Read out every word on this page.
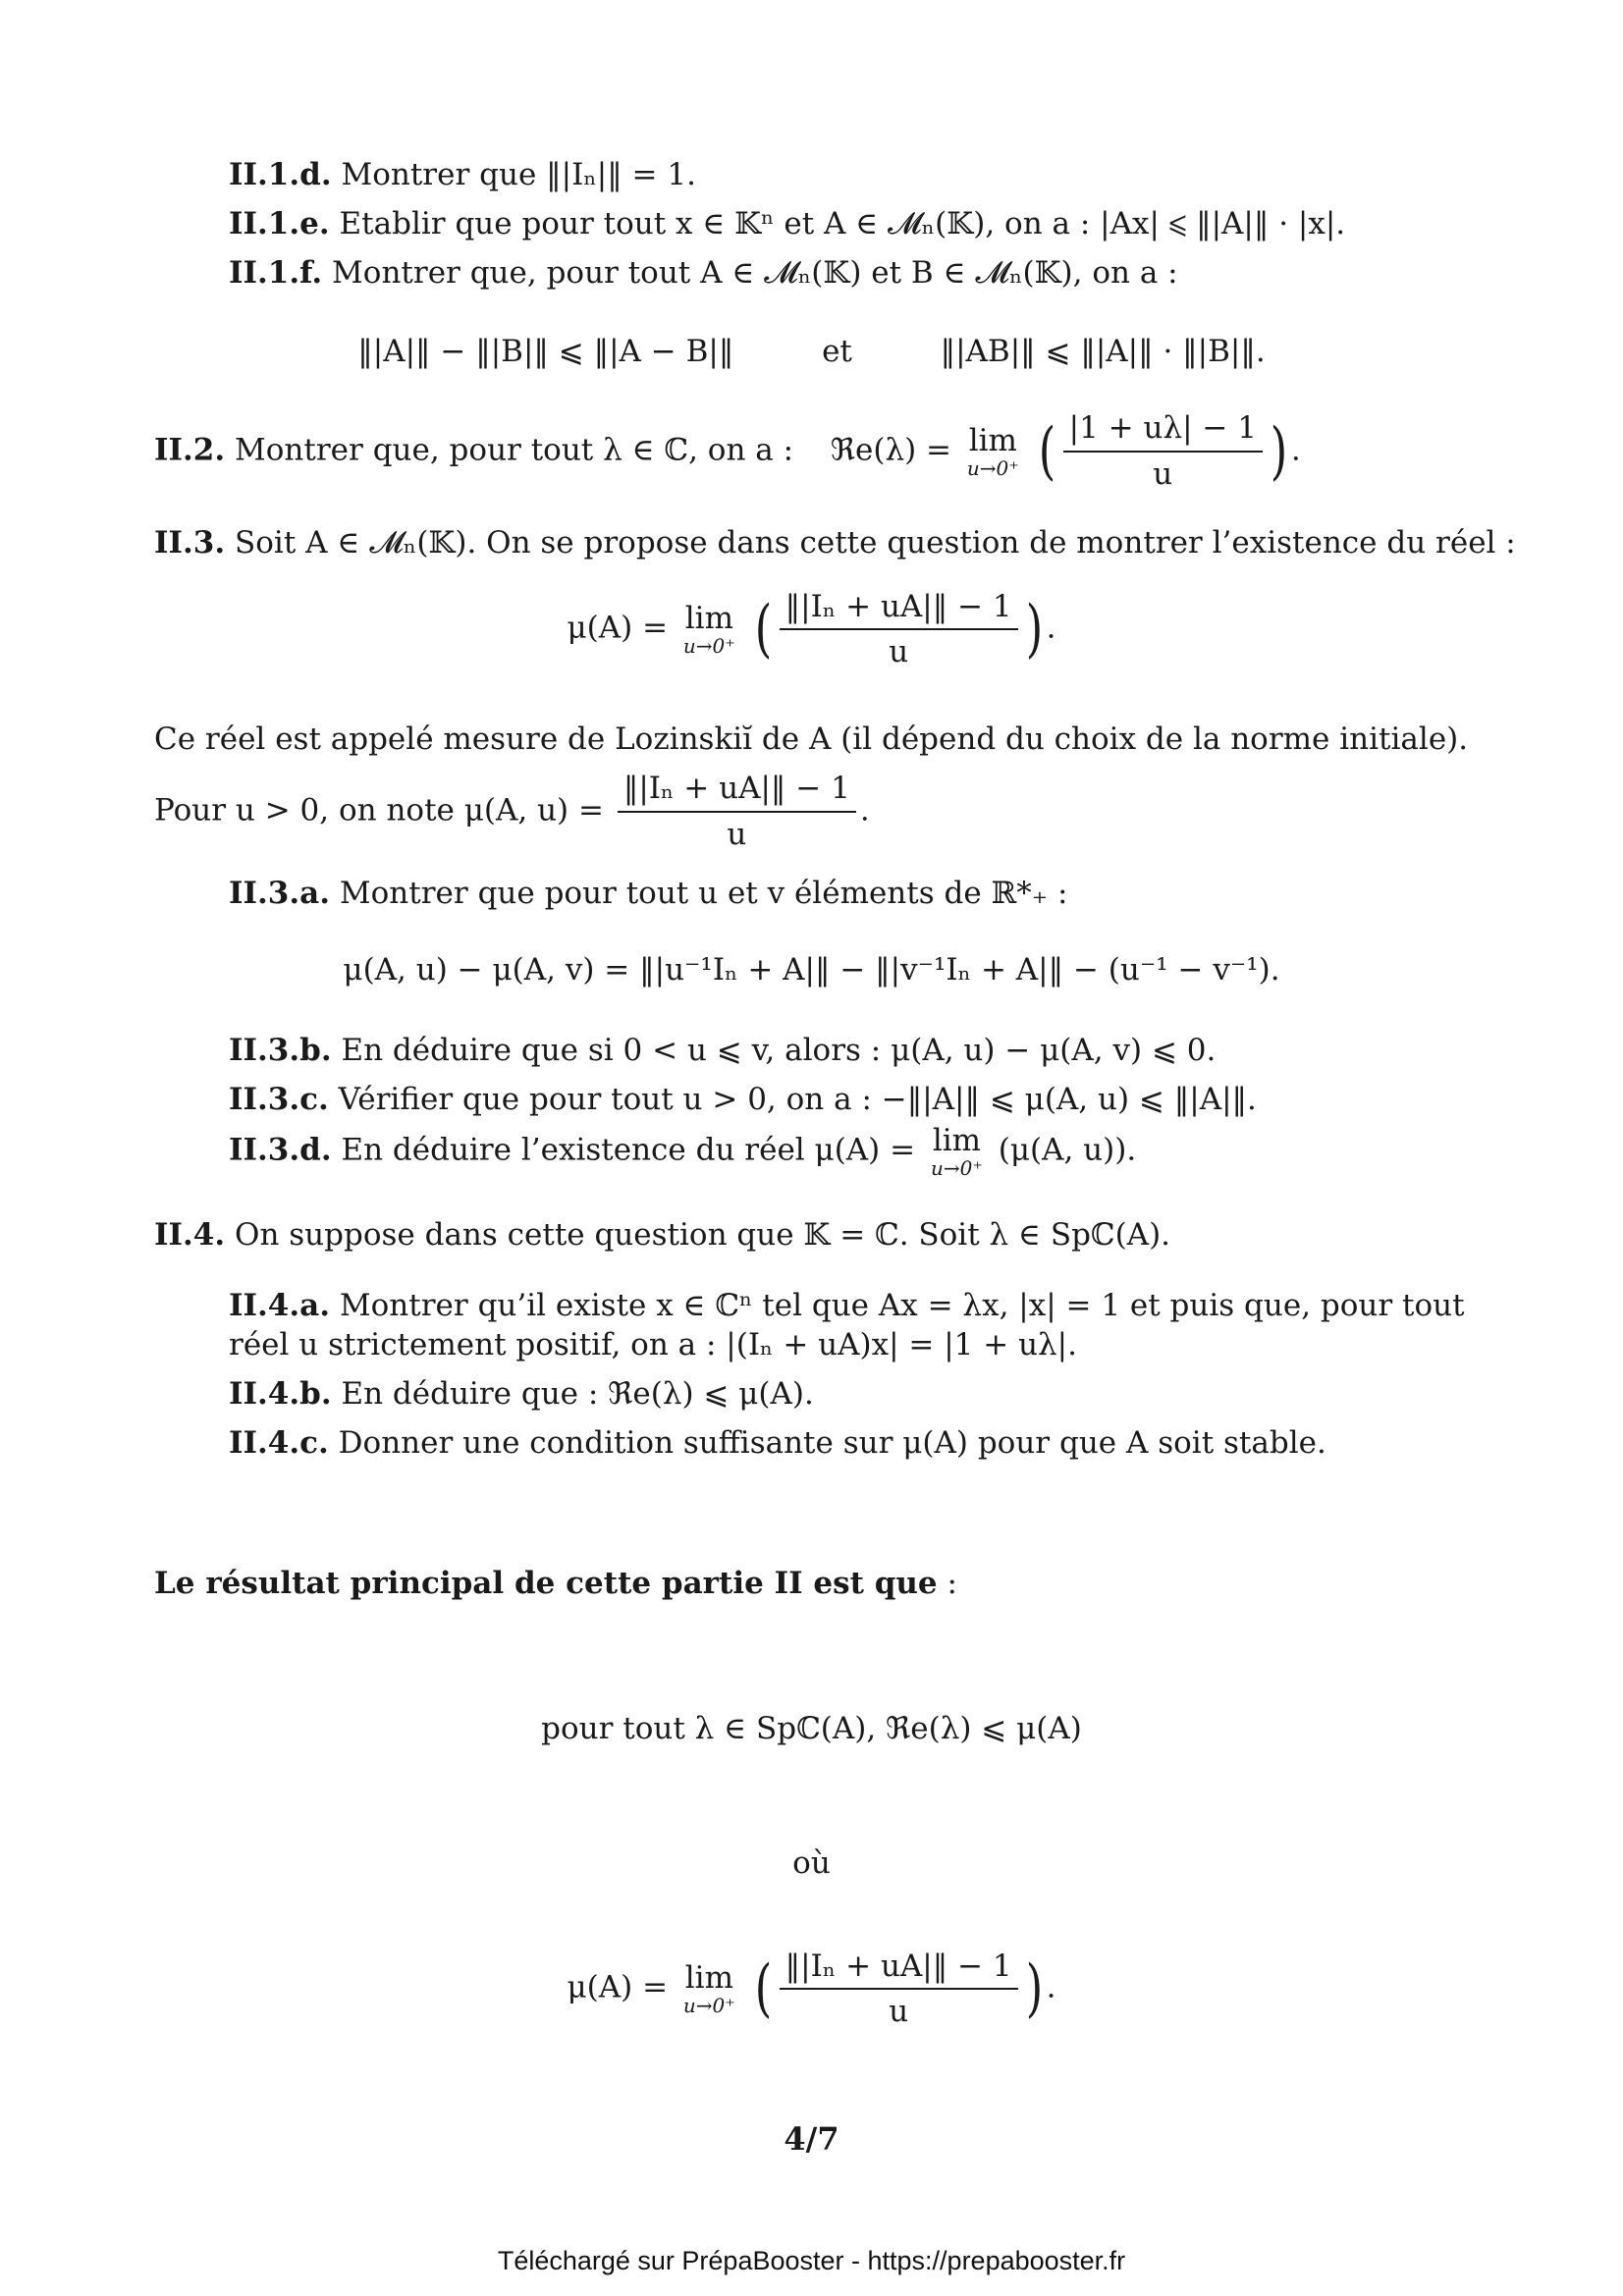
II.1.d. Montrer que ‖|Iₙ|‖ = 1.
II.1.e. Etablir que pour tout x ∈ 𝕂ⁿ et A ∈ 𝓜ₙ(𝕂), on a : |Ax| ⩽ ‖|A|‖ · |x|.
II.1.f. Montrer que, pour tout A ∈ 𝓜ₙ(𝕂) et B ∈ 𝓜ₙ(𝕂), on a :
‖|A|‖ − ‖|B|‖ ⩽ ‖|A − B|‖	et	‖|AB|‖ ⩽ ‖|A|‖ · ‖|B|‖.
II.2. Montrer que, pour tout λ ∈ ℂ, on a : ℜe(λ) = lim
u→0⁺ ( $\frac{|1 + u\lambda| - 1}{u}$ ) .
II.3. Soit A ∈ 𝓜ₙ(𝕂). On se propose dans cette question de montrer l’existence du réel :
μ(A) = lim
u→0⁺ ( $\frac{\text{‖|Iₙ + uA|‖ − 1}}{u}$ ) .
Ce réel est appelé mesure de Lozinskiĭ de A (il dépend du choix de la norme initiale).
Pour u > 0, on note μ(A, $u) = \frac{\text{‖|Iₙ + uA|‖ − 1}}{u}$ .
II.3.a. Montrer que pour tout u et v éléments de ℝ*₊ :
μ(A, u) − μ(A, v) = ‖|u⁻¹Iₙ + A|‖ − ‖|v⁻¹Iₙ + A|‖ − (u⁻¹ − v⁻¹).
II.3.b. En déduire que si 0 < u ⩽ v, alors : μ(A, u) − μ(A, v) ⩽ 0.
II.3.c. Vérifier que pour tout u > 0, on a : −‖|A|‖ ⩽ μ(A, u) ⩽ ‖|A|‖.
II.3.d. En déduire l’existence du réel μ(A) = lim
u→0⁺
(μ(A, u)).
II.4. On suppose dans cette question que 𝕂 = ℂ. Soit λ ∈ Spℂ(A).
II.4.a. Montrer qu’il existe x ∈ ℂⁿ tel que Ax = λx, |x| = 1 et puis que, pour tout
réel u strictement positif, on a : |(Iₙ + uA)x| = |1 + uλ|.
II.4.b. En déduire que : ℜe(λ) ⩽ μ(A).
II.4.c. Donner une condition suffisante sur μ(A) pour que A soit stable.
Le résultat principal de cette partie II est que :
pour tout λ ∈ Spℂ(A), ℜe(λ) ⩽ μ(A)
où
μ(A) = lim
u→0⁺ ( $\frac{\text{‖|Iₙ + uA|‖ − 1}}{u}$ ) .
4/7
Téléchargé sur PrépaBooster - https://prepabooster.fr
